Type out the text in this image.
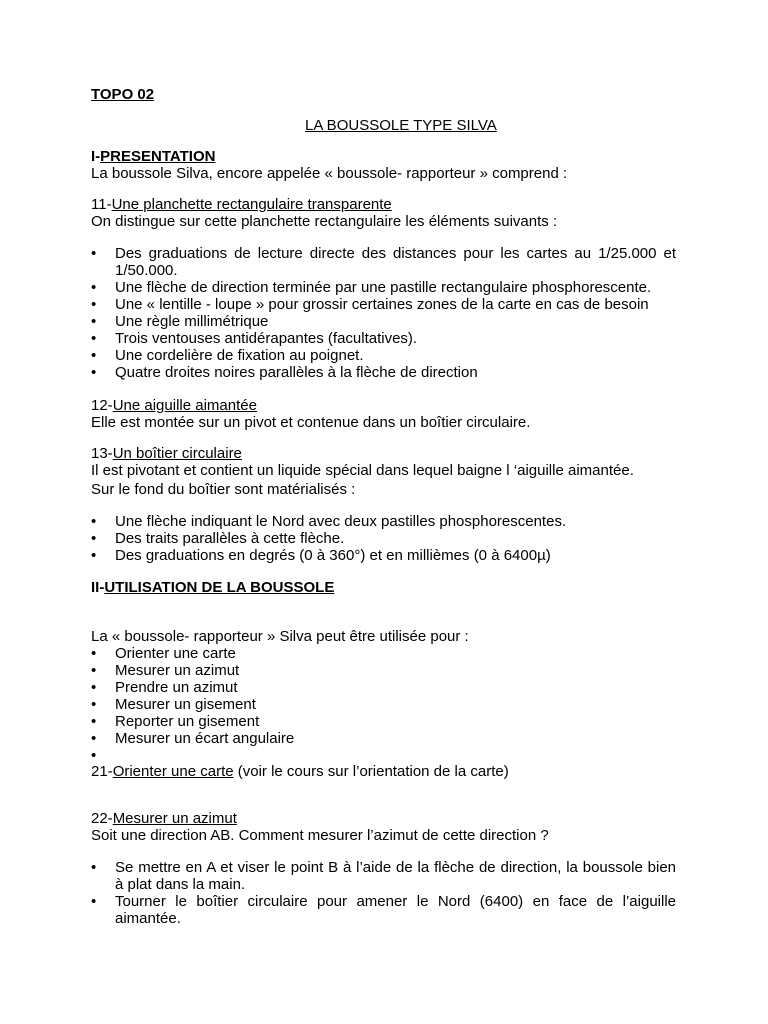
TOPO 02
LA BOUSSOLE TYPE SILVA
I-PRESENTATION
La boussole Silva, encore appelée « boussole- rapporteur » comprend :
11-Une planchette rectangulaire transparente
On distingue sur cette planchette rectangulaire les éléments suivants :
• Des graduations de lecture directe des distances pour les cartes au 1/25.000 et 1/50.000.
• Une flèche de direction terminée par une pastille rectangulaire phosphorescente.
• Une « lentille - loupe » pour grossir certaines zones de la carte en cas de besoin
• Une règle millimétrique
• Trois ventouses antidérapantes (facultatives).
• Une cordelière de fixation au poignet.
• Quatre droites noires parallèles à la flèche de direction
12-Une aiguille aimantée
Elle est montée sur un pivot et contenue dans un boîtier circulaire.
13-Un boîtier circulaire
Il est pivotant et contient un liquide spécial dans lequel baigne l ‘aiguille aimantée.
Sur le fond du boîtier sont matérialisés :
• Une flèche indiquant le Nord avec deux pastilles phosphorescentes.
• Des traits parallèles à cette flèche.
• Des graduations en degrés (0 à 360°) et en millièmes (0 à 6400µ)
II-UTILISATION DE LA BOUSSOLE
La « boussole- rapporteur » Silva peut être utilisée pour :
• Orienter une carte
• Mesurer un azimut
• Prendre un azimut
• Mesurer un gisement
• Reporter un gisement
• Mesurer un écart angulaire
•
21-Orienter une carte (voir le cours sur l’orientation de la carte)
22-Mesurer un azimut
Soit une direction AB. Comment mesurer l’azimut de cette direction ?
• Se mettre en A et viser le point B à l’aide de la flèche de direction, la boussole bien à plat dans la main.
• Tourner le boîtier circulaire pour amener le Nord (6400) en face de l’aiguille aimantée.
